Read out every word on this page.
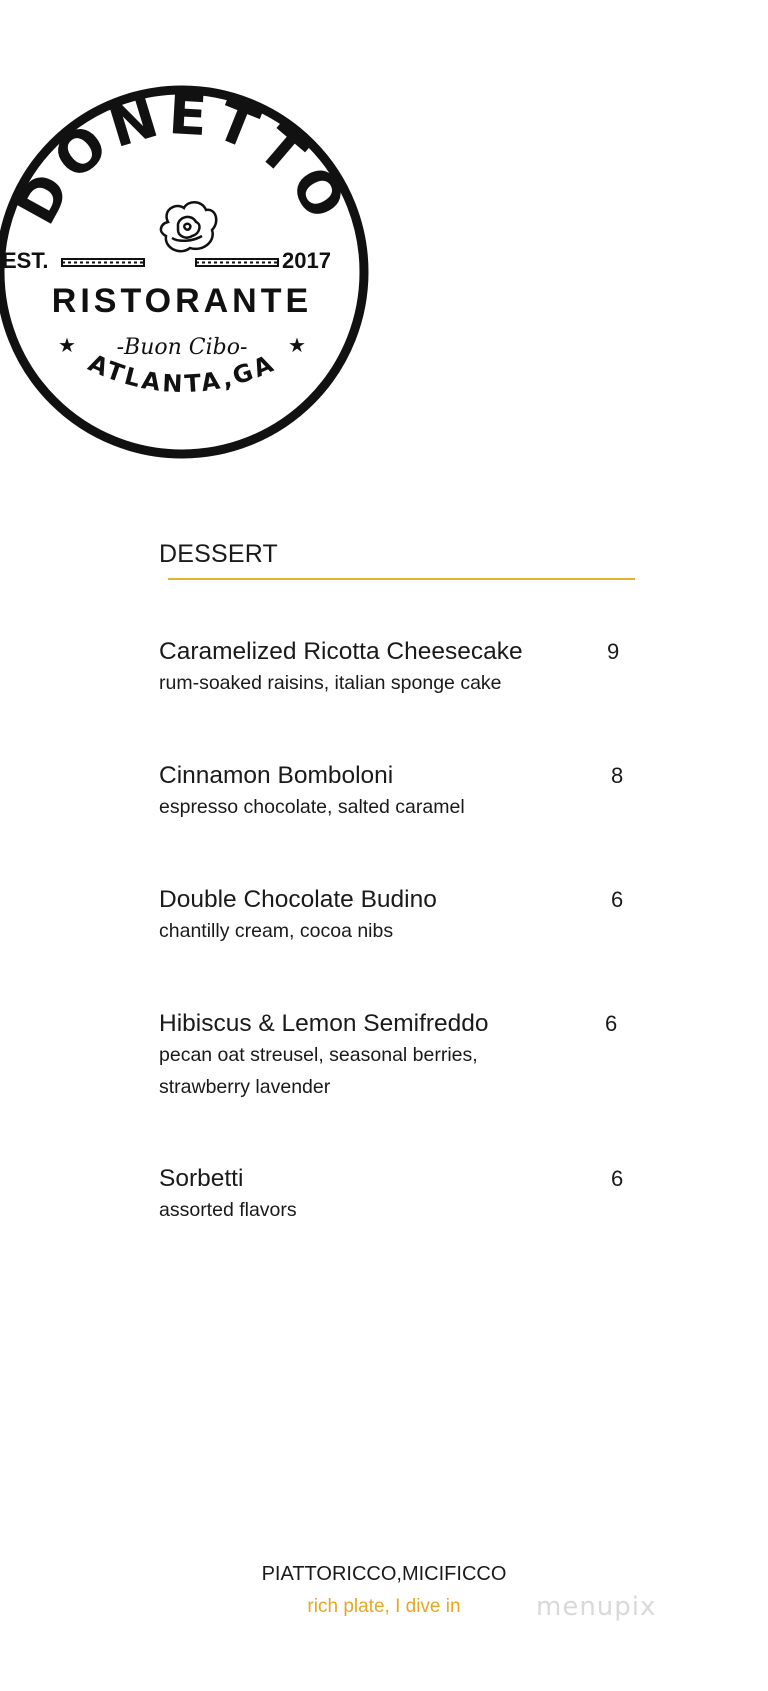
DONETTO
EST.	2017
RISTORANTE
-Buon Cibo-
★	★
ATLANTA,GA
DESSERT
Caramelized Ricotta Cheesecake
rum-soaked raisins, italian sponge cake
9
Cinnamon Bomboloni
espresso chocolate, salted caramel
8
Double Chocolate Budino
chantilly cream, cocoa nibs
6
Hibiscus & Lemon Semifreddo
pecan oat streusel, seasonal berries,
strawberry lavender
6
Sorbetti
assorted flavors
6
PIATTORICCO,MICIFICCO
rich plate, I dive in	menupix
